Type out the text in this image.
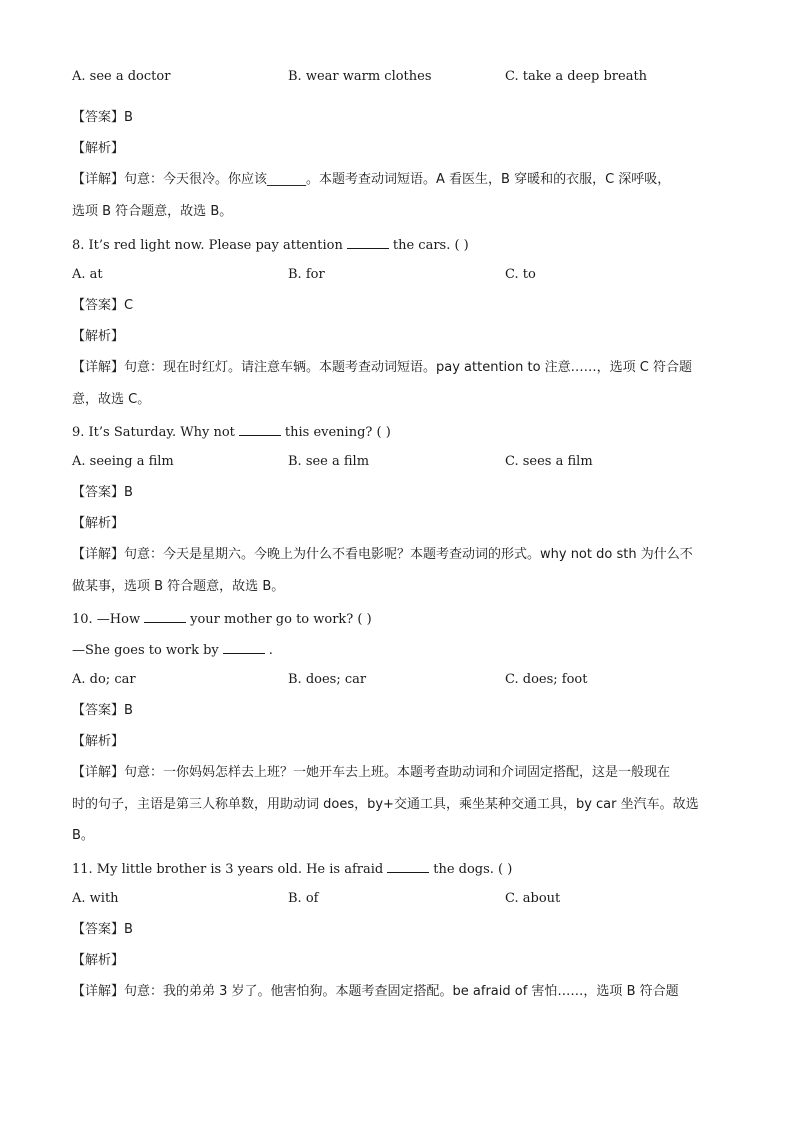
A. see a doctor	B. wear warm clothes	C. take a deep breath
【答案】B
【解析】
【详解】句意：今天很冷。你应该______。本题考查动词短语。A 看医生，B 穿暖和的衣服，C 深呼吸，
选项 B 符合题意，故选 B。
8. It’s red light now. Please pay attention	the cars. ( )
A. at	B. for	C. to
【答案】C
【解析】
【详解】句意：现在时红灯。请注意车辆。本题考查动词短语。pay attention to 注意……，选项 C 符合题
意，故选 C。
9. It’s Saturday. Why not	this evening? ( )
A. seeing a film	B. see a film	C. sees a film
【答案】B
【解析】
【详解】句意：今天是星期六。今晚上为什么不看电影呢？本题考查动词的形式。why not do sth 为什么不
做某事，选项 B 符合题意，故选 B。
10. —How	your mother go to work? ( )
—She goes to work by	.
A. do; car	B. does; car	C. does; foot
【答案】B
【解析】
【详解】句意：一你妈妈怎样去上班？一她开车去上班。本题考查助动词和介词固定搭配，这是一般现在
时的句子，主语是第三人称单数，用助动词 does，by+交通工具，乘坐某种交通工具，by car 坐汽车。故选
B。
11. My little brother is 3 years old. He is afraid	the dogs. ( )
A. with	B. of	C. about
【答案】B
【解析】
【详解】句意：我的弟弟 3 岁了。他害怕狗。本题考查固定搭配。be afraid of 害怕……，选项 B 符合题
